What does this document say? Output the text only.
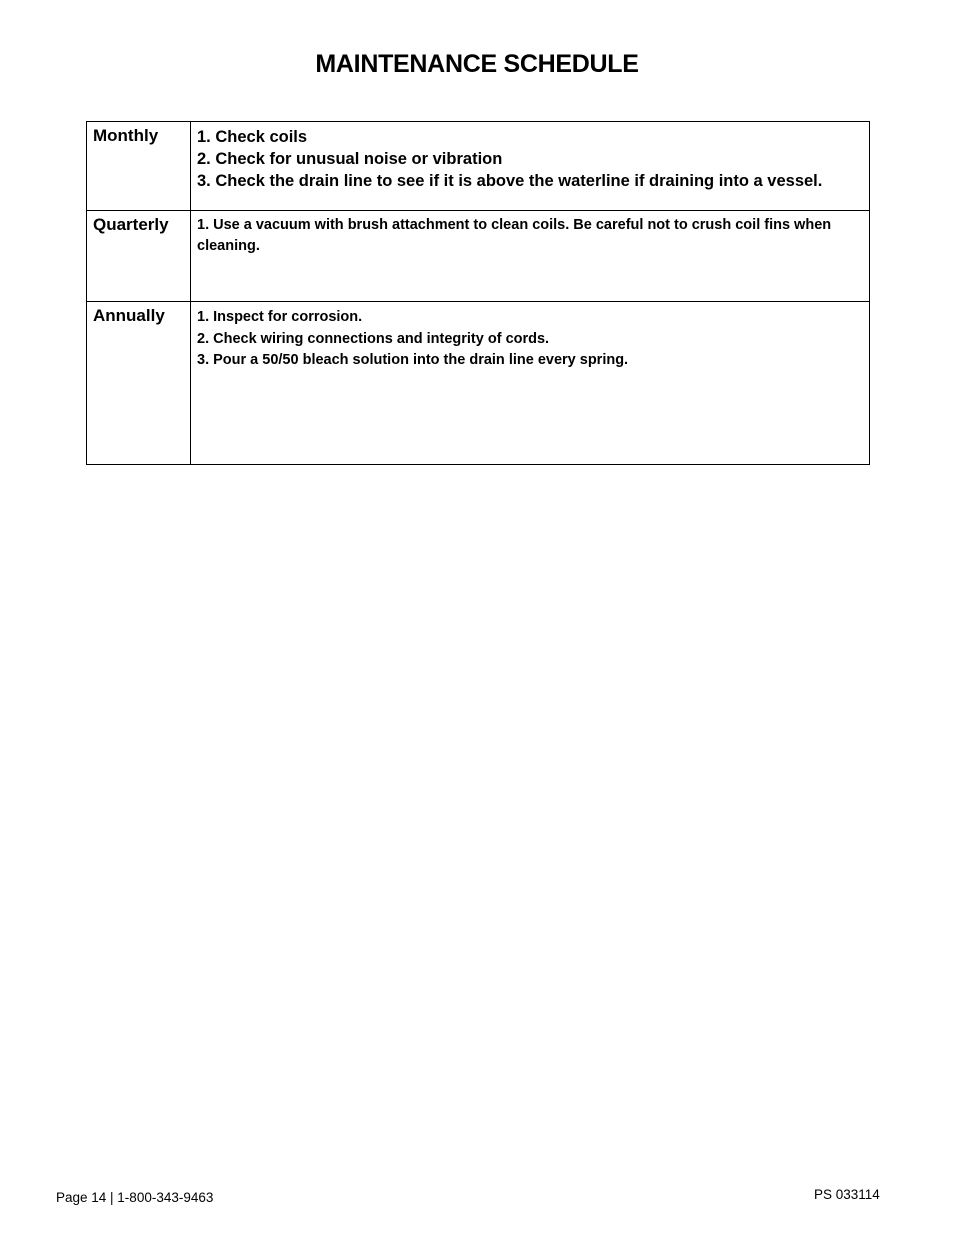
MAINTENANCE SCHEDULE
Monthly	1. Check coils
2. Check for unusual noise or vibration
3. Check the drain line to see if it is above the waterline if draining into a vessel.

Quarterly	1. Use a vacuum with brush attachment to clean coils. Be careful not to crush coil fins when cleaning.

Annually	1. Inspect for corrosion.
2. Check wiring connections and integrity of cords.
3. Pour a 50/50 bleach solution into the drain line every spring.
Page 14 | 1-800-343-9463	PS 033114
